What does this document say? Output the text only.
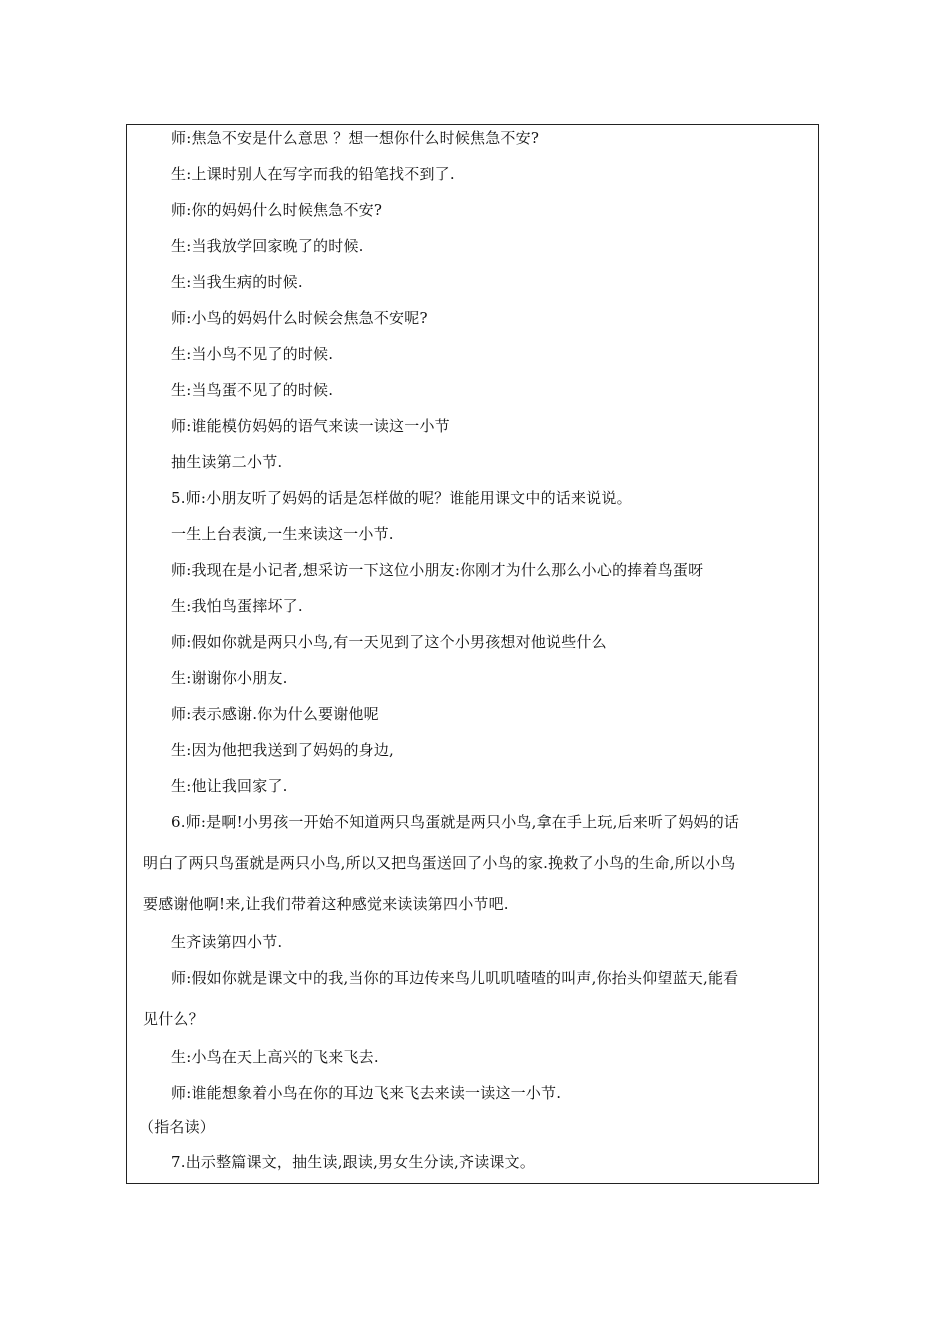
师:焦急不安是什么意思 ？想一想你什么时候焦急不安?
生:上课时别人在写字而我的铅笔找不到了.
师:你的妈妈什么时候焦急不安?
生:当我放学回家晚了的时候.
生:当我生病的时候.
师:小鸟的妈妈什么时候会焦急不安呢?
生:当小鸟不见了的时候.
生:当鸟蛋不见了的时候.
师:谁能模仿妈妈的语气来读一读这一小节
抽生读第二小节.
5.师:小朋友听了妈妈的话是怎样做的呢？谁能用课文中的话来说说。
一生上台表演,一生来读这一小节.
师:我现在是小记者,想采访一下这位小朋友:你刚才为什么那么小心的捧着鸟蛋呀
生:我怕鸟蛋摔坏了.
师:假如你就是两只小鸟,有一天见到了这个小男孩想对他说些什么
生:谢谢你小朋友.
师:表示感谢.你为什么要谢他呢
生:因为他把我送到了妈妈的身边,
生:他让我回家了.
6.师:是啊!小男孩一开始不知道两只鸟蛋就是两只小鸟,拿在手上玩,后来听了妈妈的话
明白了两只鸟蛋就是两只小鸟,所以又把鸟蛋送回了小鸟的家.挽救了小鸟的生命,所以小鸟
要感谢他啊!来,让我们带着这种感觉来读读第四小节吧.
生齐读第四小节.
师:假如你就是课文中的我,当你的耳边传来鸟儿叽叽喳喳的叫声,你抬头仰望蓝天,能看
见什么？
生:小鸟在天上高兴的飞来飞去.
师:谁能想象着小鸟在你的耳边飞来飞去来读一读这一小节.
（指名读）
7.出示整篇课文，抽生读,跟读,男女生分读,齐读课文。
